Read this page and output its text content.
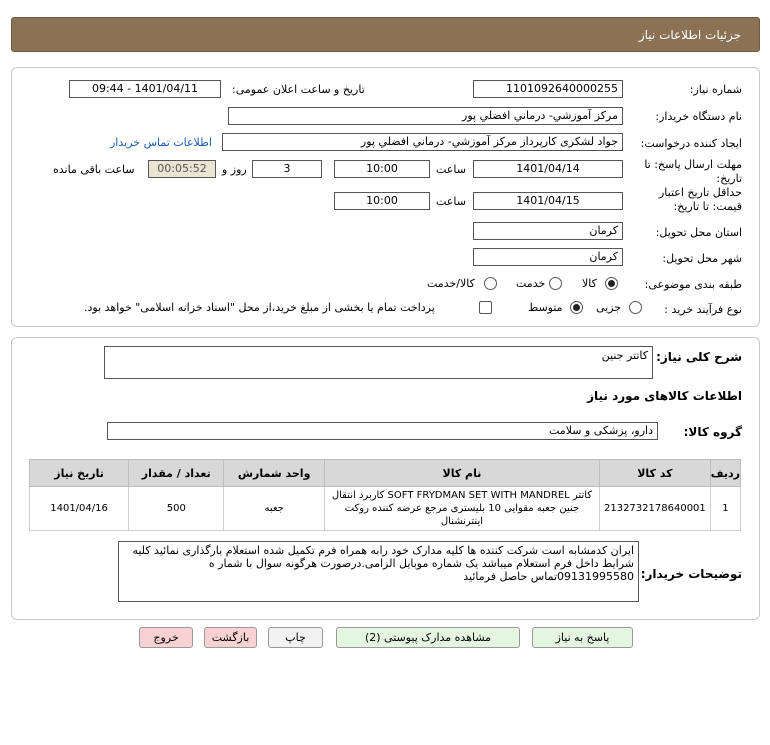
جزئیات اطلاعات نیاز
شماره نیاز:
1101092640000255
تاریخ و ساعت اعلان عمومی:
1401/04/11 - 09:44
نام دستگاه خریدار:
مرکز آموزشي- درماني افضلي پور
ایجاد کننده درخواست:
جواد لشکری کارپرداز مرکز آموزشي- درماني افضلي پور
اطلاعات تماس خریدار
مهلت ارسال پاسخ: تا تاریخ:
1401/04/14
ساعت
10:00
3
روز و
00:05:52
ساعت باقی مانده
حداقل تاریخ اعتبار قیمت: تا تاریخ:
1401/04/15
ساعت
10:00
استان محل تحویل:
کرمان
شهر محل تحویل:
کرمان
طبقه بندی موضوعی:
کالا
خدمت
کالا/خدمت
نوع فرآیند خرید :
جزیی
متوسط
پرداخت تمام یا بخشی از مبلغ خرید،از محل "اسناد خزانه اسلامی" خواهد بود.
شرح کلی نیاز:
کاتتر جنین
اطلاعات کالاهای مورد نیاز
گروه کالا:
دارو، پزشکی و سلامت
ردیف	کد کالا	نام کالا	واحد شمارش	تعداد / مقدار	تاریخ نیاز
1	2132732178640001	کاتتر SOFT FRYDMAN SET WITH MANDREL کاربرد انتقال جنین جعبه مقوایی 10 بلیستری مرجع عرضه کننده روکت اینترنشنال	جعبه	500	1401/04/16
توضیحات خریدار:
ایران کدمشابه است شرکت کننده ها کلیه مدارک خود رابه همراه فرم تکمیل شده استعلام بارگذاری نمائید کلیه شرایط داخل فرم استعلام میباشد یک شماره موبایل الزامی.درصورت هرگونه سوال با شمار ه 09131995580تماس حاصل فرمائید
پاسخ به نیاز
مشاهده مدارک پیوستی (2)
چاپ
بازگشت
خروج
